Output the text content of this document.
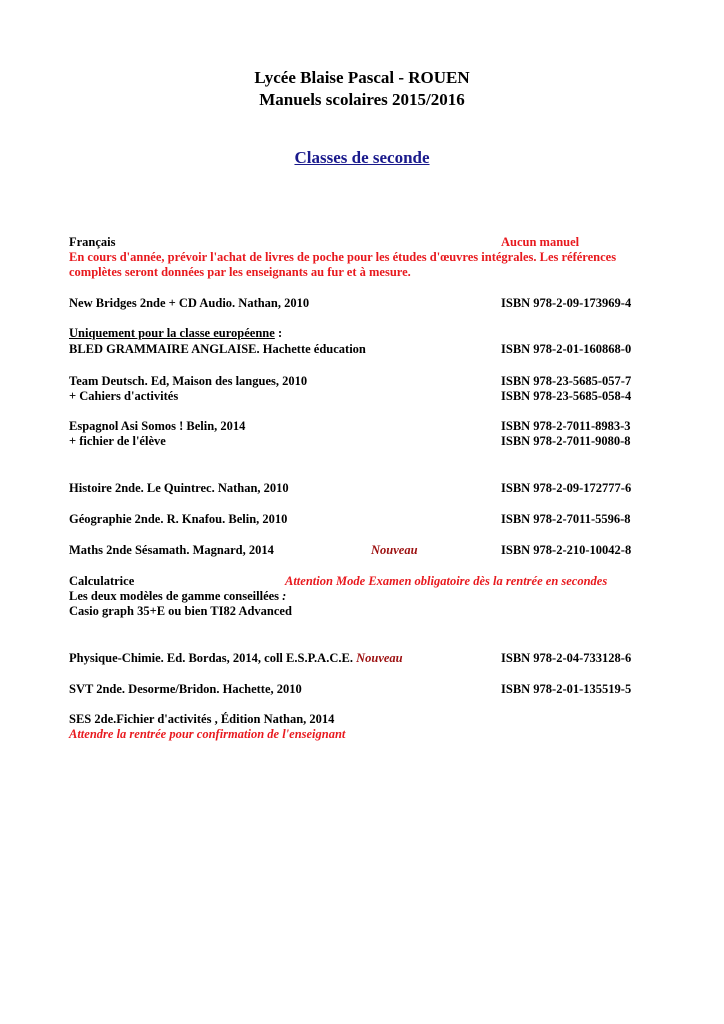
Lycée Blaise Pascal - ROUEN
Manuels scolaires 2015/2016
Classes de seconde
Français	Aucun manuel
En cours d'année, prévoir l'achat de livres de poche pour les études d'œuvres intégrales. Les références
complètes seront données par les enseignants au fur et à mesure.
New Bridges 2nde + CD Audio. Nathan, 2010	ISBN 978-2-09-173969-4
Uniquement pour la classe européenne :
BLED GRAMMAIRE ANGLAISE. Hachette éducation	ISBN 978-2-01-160868-0
Team Deutsch. Ed, Maison des langues, 2010	ISBN 978-23-5685-057-7
+ Cahiers d'activités	ISBN 978-23-5685-058-4
Espagnol Asi Somos ! Belin, 2014	ISBN 978-2-7011-8983-3
+ fichier de l'élève	ISBN 978-2-7011-9080-8
Histoire 2nde. Le Quintrec. Nathan, 2010	ISBN 978-2-09-172777-6
Géographie 2nde. R. Knafou. Belin, 2010	ISBN 978-2-7011-5596-8
Maths 2nde Sésamath. Magnard, 2014	Nouveau	ISBN 978-2-210-10042-8
Calculatrice	Attention Mode Examen obligatoire dès la rentrée en secondes
Les deux modèles de gamme conseillées :
Casio graph 35+E ou bien TI82 Advanced
Physique-Chimie. Ed. Bordas, 2014, coll E.S.P.A.C.E. Nouveau	ISBN 978-2-04-733128-6
SVT 2nde. Desorme/Bridon. Hachette, 2010	ISBN 978-2-01-135519-5
SES 2de.Fichier d'activités , Édition Nathan, 2014
Attendre la rentrée pour confirmation de l'enseignant
